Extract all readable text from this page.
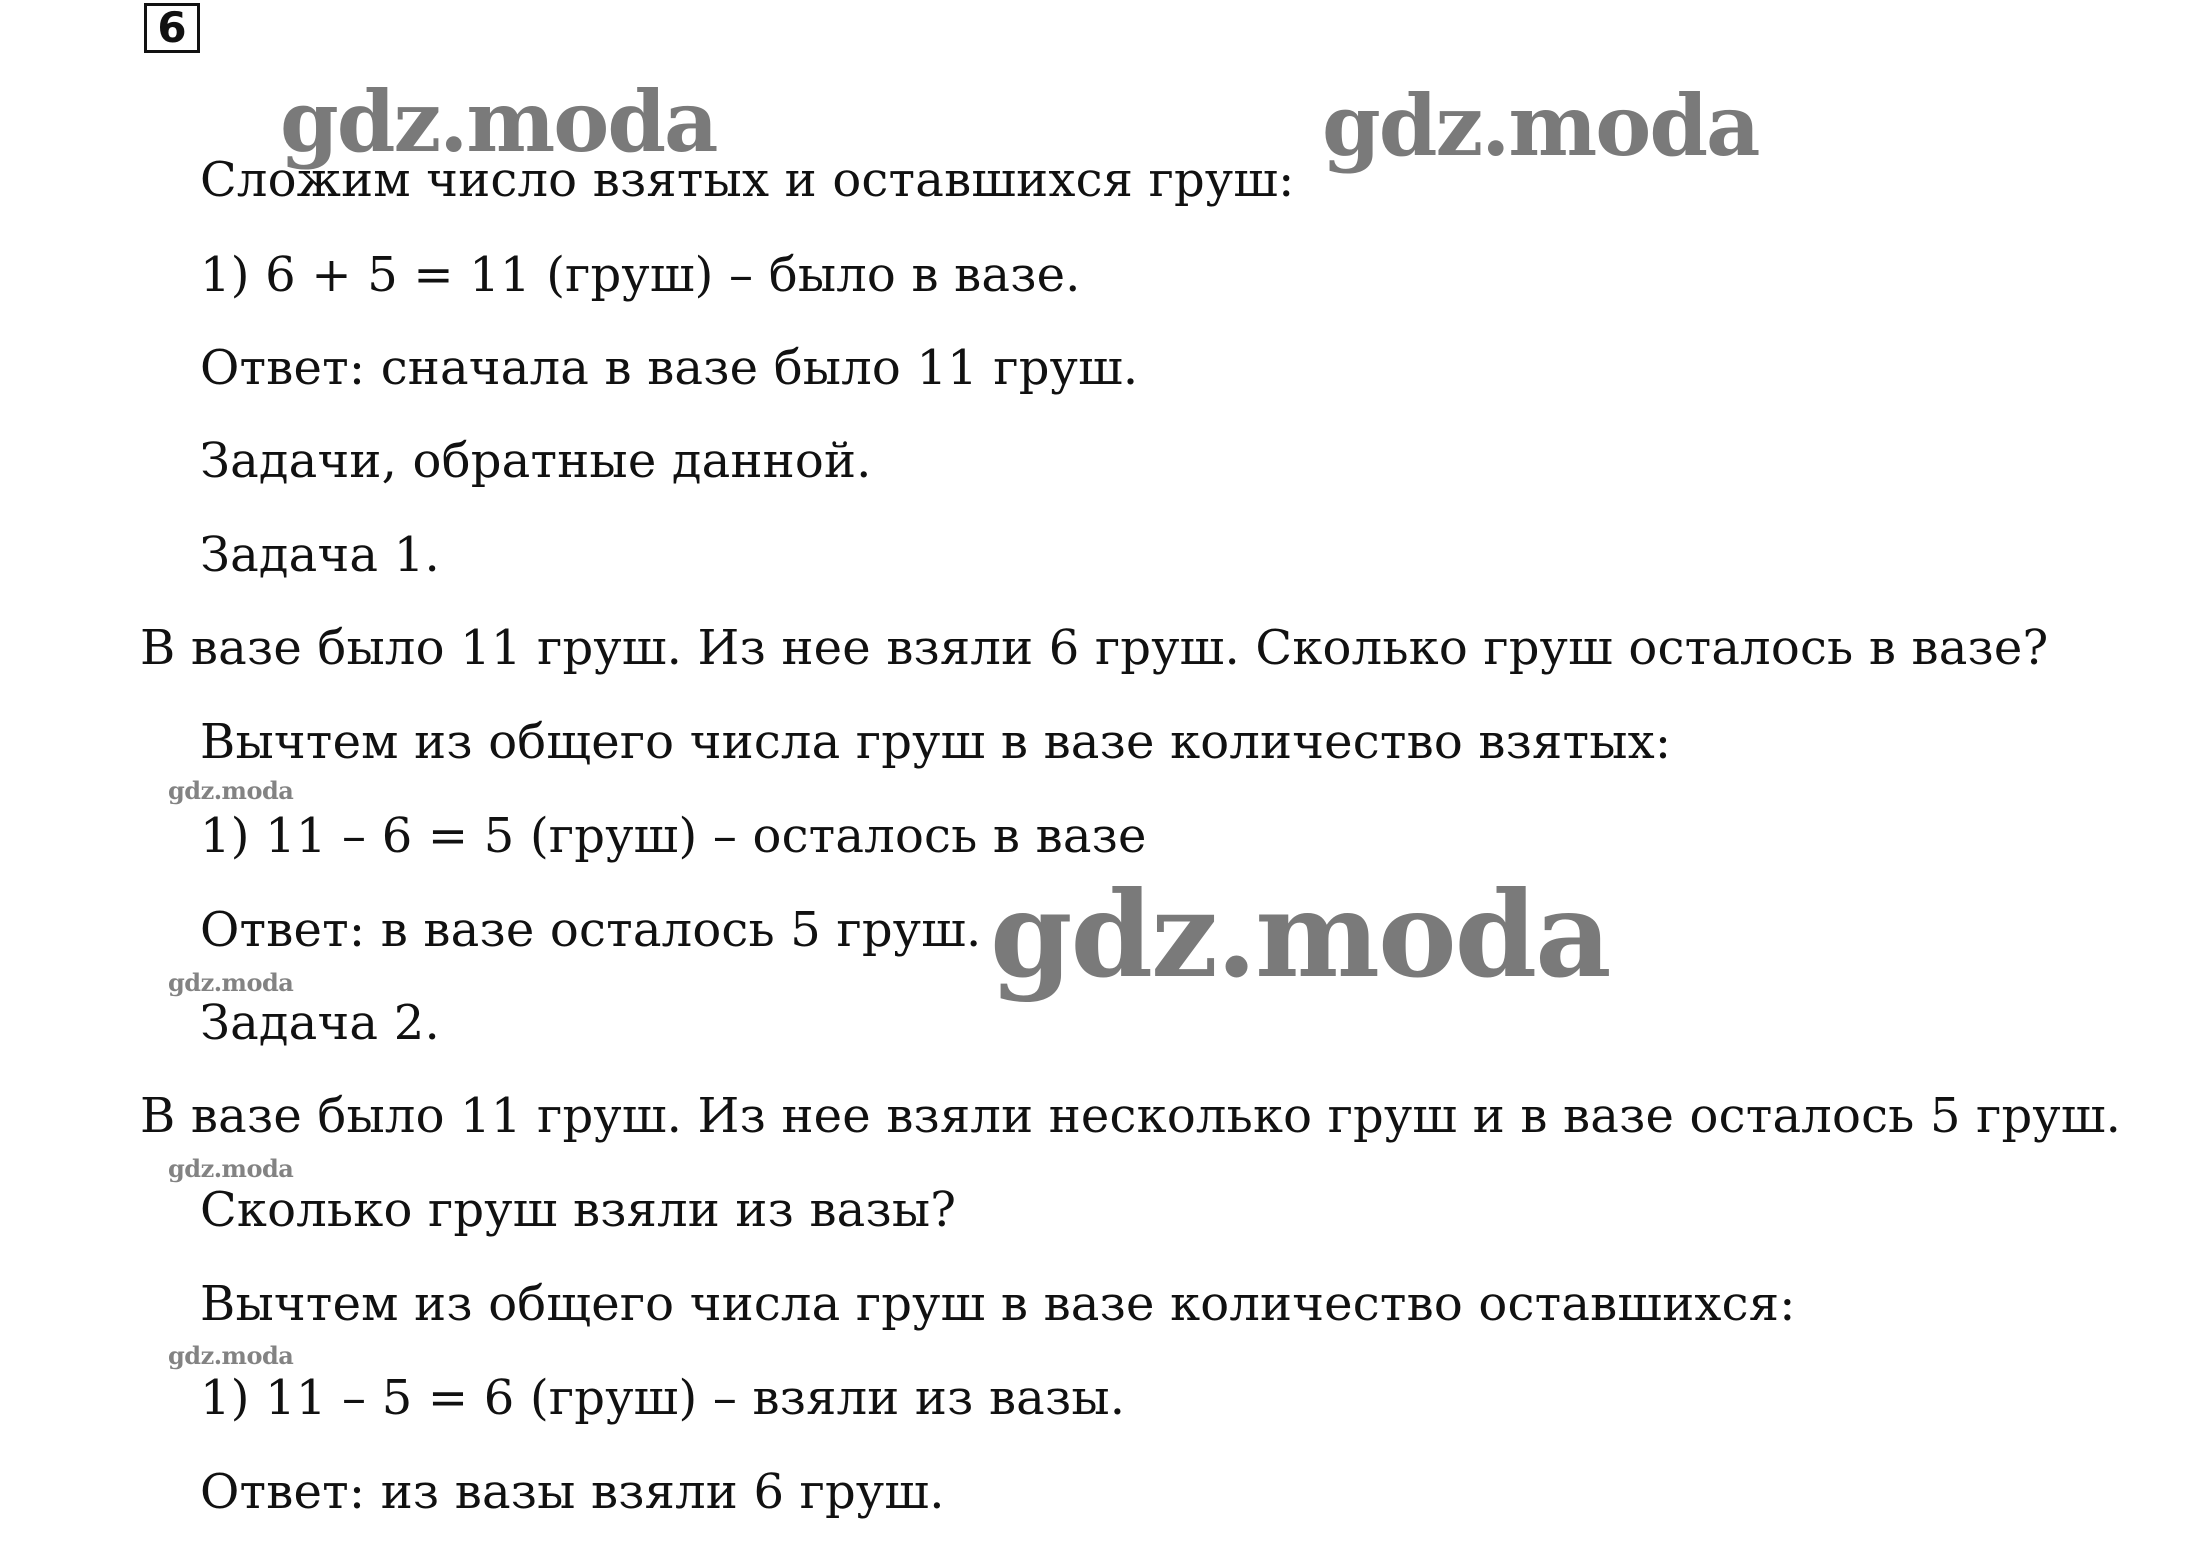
6
Сложим число взятых и оставшихся груш:
1) 6 + 5 = 11 (груш) – было в вазе.
Ответ: сначала в вазе было 11 груш.
Задачи, обратные данной.
Задача 1.
В вазе было 11 груш. Из нее взяли 6 груш. Сколько груш осталось в вазе?
Вычтем из общего числа груш в вазе количество взятых:
1) 11 – 6 = 5 (груш) – осталось в вазе
Ответ: в вазе осталось 5 груш.
Задача 2.
В вазе было 11 груш. Из нее взяли несколько груш и в вазе осталось 5 груш.
Сколько груш взяли из вазы?
Вычтем из общего числа груш в вазе количество оставшихся:
1) 11 – 5 = 6 (груш) – взяли из вазы.
Ответ: из вазы взяли 6 груш.
gdz.moda	gdz.moda
gdz.moda
gdz.moda
gdz.moda
gdz.moda
gdz.moda
